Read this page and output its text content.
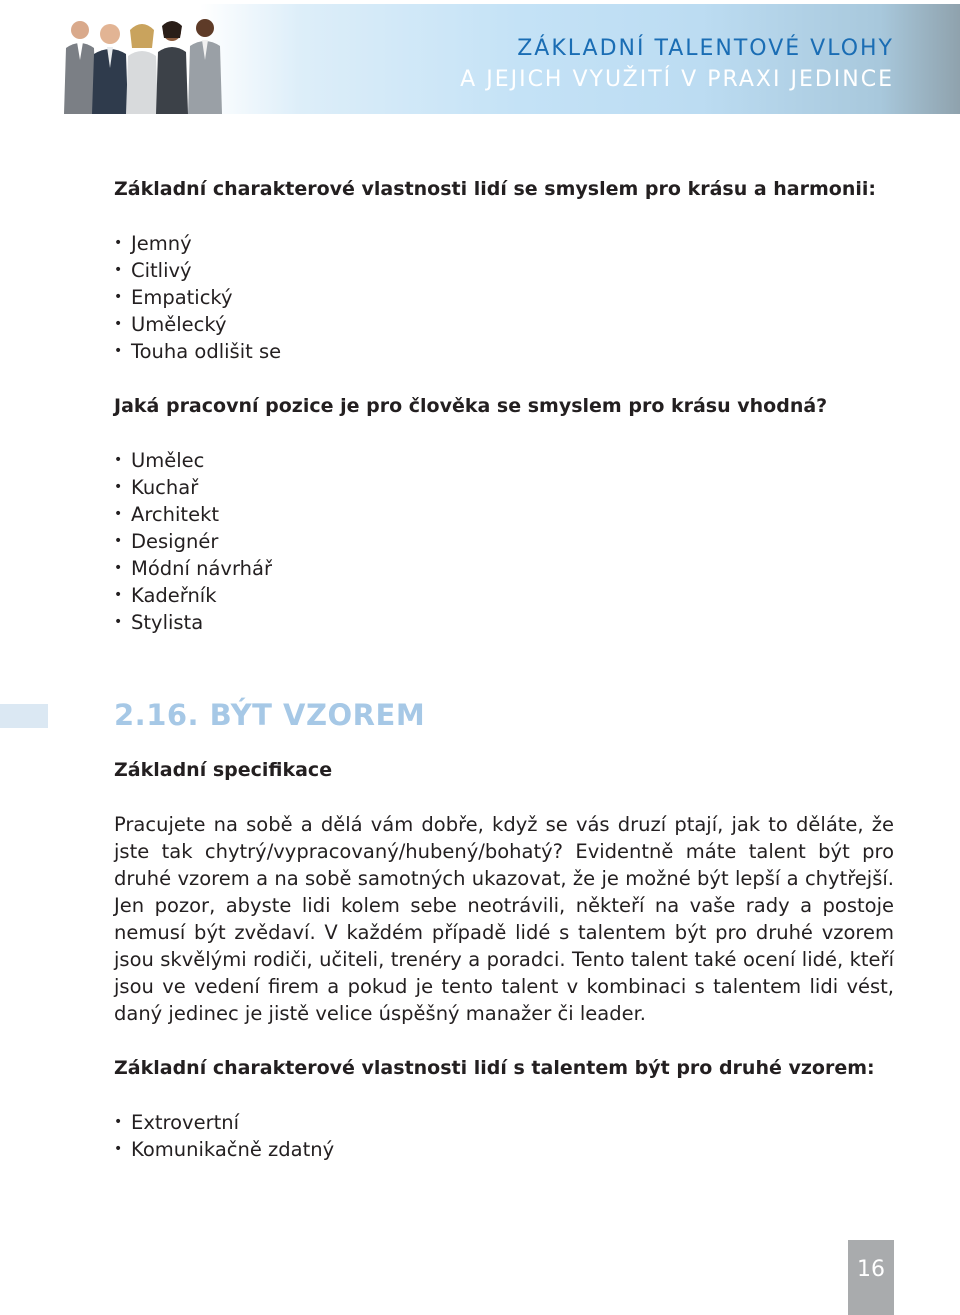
ZÁKLADNÍ TALENTOVÉ VLOHY
A JEJICH VYUŽITÍ V PRAXI JEDINCE
Základní charakterové vlastnosti lidí se smyslem pro krásu a harmonii:
• Jemný
• Citlivý
• Empatický
• Umělecký
• Touha odlišit se
Jaká pracovní pozice je pro člověka se smyslem pro krásu vhodná?
• Umělec
• Kuchař
• Architekt
• Designér
• Módní návrhář
• Kadeřník
• Stylista
2.16. BÝT VZOREM
Základní specifikace

Pracujete na sobě a dělá vám dobře, když se vás druzí ptají, jak to děláte, že jste tak chytrý/vypracovaný/hubený/bohatý? Evidentně máte talent být pro druhé vzorem a na sobě samotných ukazovat, že je možné být lepší a chytřejší. Jen pozor, abyste lidi kolem sebe neotrávili, někteří na vaše rady a postoje nemusí být zvědaví. V každém případě lidé s talentem být pro druhé vzorem jsou skvělými rodiči, učiteli, trenéry a poradci. Tento talent také ocení lidé, kteří jsou ve vedení firem a pokud je tento talent v kombinaci s talentem lidi vést, daný jedinec je jistě velice úspěšný manažer či leader.

Základní charakterové vlastnosti lidí s talentem být pro druhé vzorem:
• Extrovertní
• Komunikačně zdatný
16
